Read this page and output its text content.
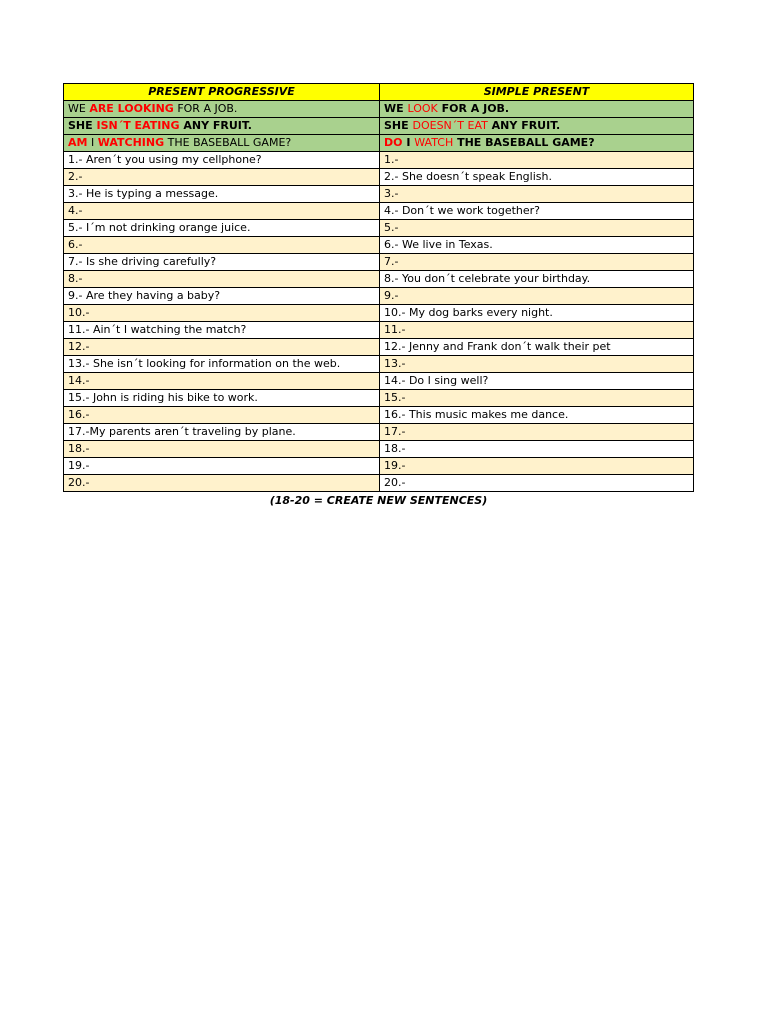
PRESENT PROGRESSIVE	SIMPLE PRESENT
WE ARE LOOKING FOR A JOB.	WE LOOK FOR A JOB.
SHE ISN´T EATING ANY FRUIT.	SHE DOESN´T EAT ANY FRUIT.
AM I WATCHING THE BASEBALL GAME?	DO I WATCH THE BASEBALL GAME?
1.- Aren´t you using my cellphone?	1.-
2.-	2.- She doesn´t speak English.
3.- He is typing a message.	3.-
4.-	4.- Don´t we work together?
5.- I´m not drinking orange juice.	5.-
6.-	6.- We live in Texas.
7.- Is she driving carefully?	7.-
8.-	8.- You don´t celebrate your birthday.
9.- Are they having a baby?	9.-
10.-	10.- My dog barks every night.
11.- Ain´t I watching the match?	11.-
12.-	12.- Jenny and Frank don´t walk their pet
13.- She isn´t looking for information on the web.	13.-
14.-	14.- Do I sing well?
15.- John is riding his bike to work.	15.-
16.-	16.- This music makes me dance.
17.-My parents aren´t traveling by plane.	17.-
18.-	18.-
19.-	19.-
20.-	20.-
(18-20 = CREATE NEW SENTENCES)
